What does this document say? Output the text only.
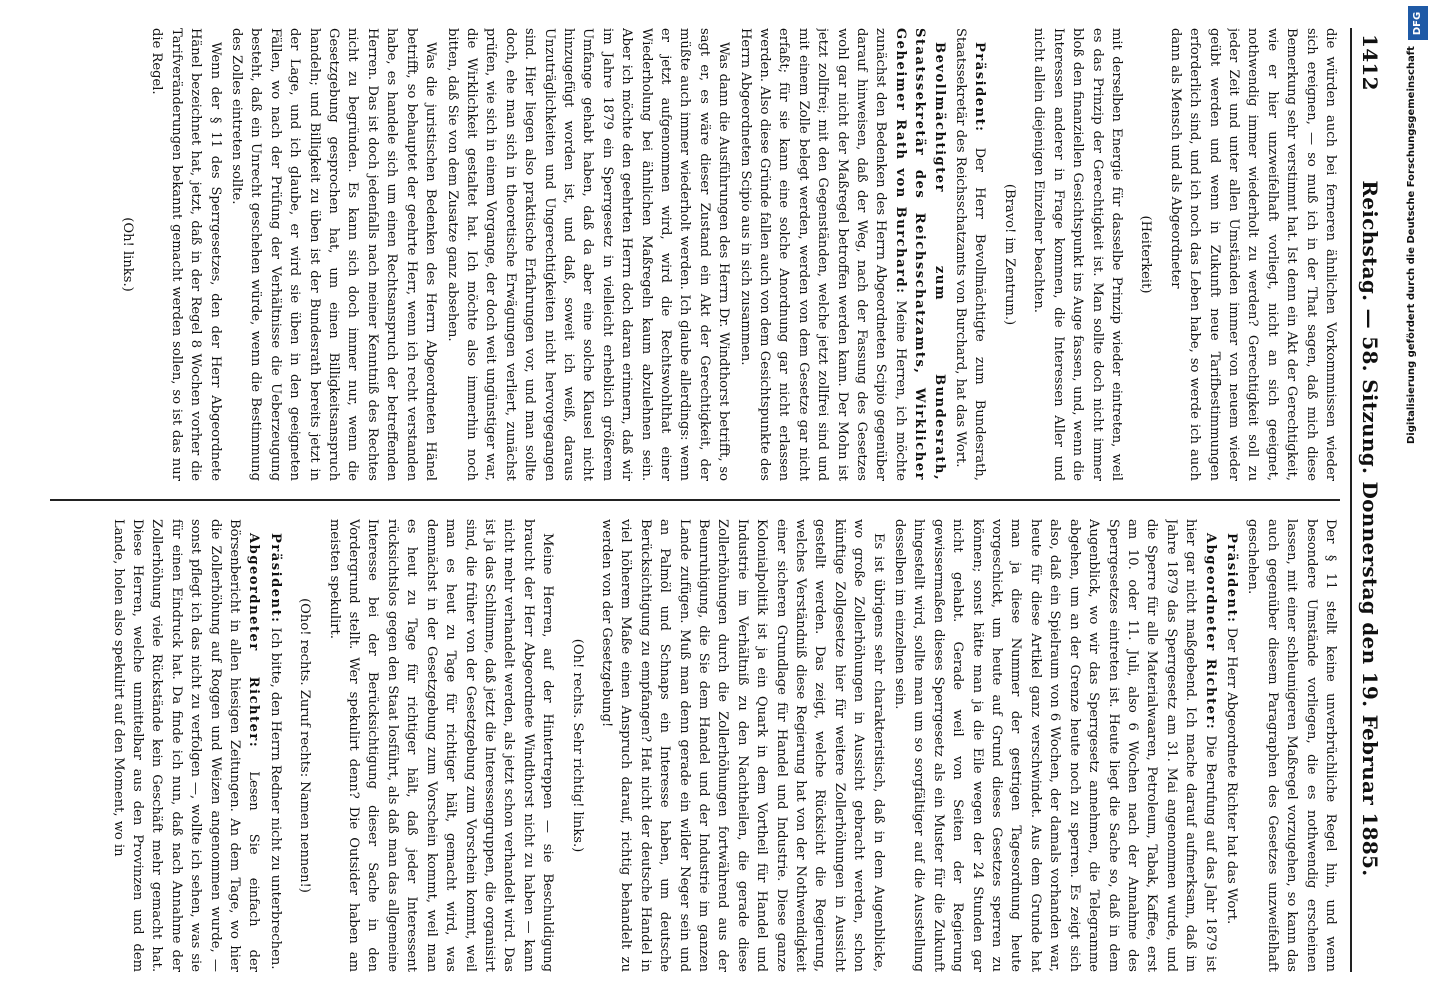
1412
Reichstag. — 58. Sitzung. Donnerstag den 19. Februar 1885.

die würden auch bei ferneren ähnlichen Vorkommnissen wieder sich ereignen, — so muß ich in der That sagen, daß mich diese Bemerkung sehr verstimmt hat. Ist denn ein Akt der Gerechtigkeit, wie er hier unzweifelhaft vorliegt, nicht an sich geeignet, nothwendig immer wiederholt zu werden? Gerechtigkeit soll zu jeder Zeit und unter allen Umständen immer von neuem wieder geübt werden und wenn in Zukunft neue Tarifbestimmungen erforderlich sind, und ich noch das Leben habe, so werde ich auch dann als Mensch und als Abgeordneter

(Heiterkeit)

mit derselben Energie für dasselbe Prinzip wieder eintreten, weil es das Prinzip der Gerechtigkeit ist. Man sollte doch nicht immer bloß den finanziellen Gesichtspunkt ins Auge fassen, und, wenn die Interessen anderer in Frage kommen, die Interessen Aller und nicht allein diejenigen Einzelner beachten.

(Bravo! im Zentrum.)

Präsident: Der Herr Bevollmächtigte zum Bundesrath, Staatssekretär des Reichsschatzamts von Burchard, hat das Wort.

Bevollmächtigter zum Bundesrath, Staatssekretär des Reichsschatzamts, Wirklicher Geheimer Rath von Burchard: Meine Herren, ich möchte zunächst den Bedenken des Herrn Abgeordneten Scipio gegenüber darauf hinweisen, daß der Weg, nach der Fassung des Gesetzes wohl gar nicht der Maßregel betroffen werden kann. Der Mohn ist jetzt zollfrei; mit den Gegenständen, welche jetzt zollfrei sind und mit einem Zolle belegt werden, werden von dem Gesetze gar nicht erfaßt; für sie kann eine solche Anordnung gar nicht erlassen werden. Also diese Gründe fallen auch von dem Gesichtspunkte des Herrn Abgeordneten Scipio aus in sich zusammen.

Was dann die Ausführungen des Herrn Dr. Windthorst betrifft, so sagt er, es wäre dieser Zustand ein Akt der Gerechtigkeit, der müßte auch immer wiederholt werden. Ich glaube allerdings: wenn er jetzt aufgenommen wird, wird die Rechtswohlthat einer Wiederholung bei ähnlichen Maßregeln kaum abzulehnen sein. Aber ich möchte den geehrten Herrn doch daran erinnern, daß wir im Jahre 1879 ein Sperrgesetz in vielleicht erheblich größerem Umfange gehabt haben, daß da aber eine solche Klausel nicht hinzugefügt worden ist, und daß, soweit ich weiß, daraus Unzuträglichkeiten und Ungerechtigkeiten nicht hervorgegangen sind. Hier liegen also praktische Erfahrungen vor, und man sollte doch, ehe man sich in theoretische Erwägungen verliert, zunächst prüfen, wie sich in einem Vorgange, der doch weit ungünstiger war, die Wirklichkeit gestaltet hat. Ich möchte also immerhin noch bitten, daß Sie von dem Zusatze ganz absehen.

Was die juristischen Bedenken des Herrn Abgeordneten Hänel betrifft, so behauptet der geehrte Herr, wenn ich recht verstanden habe, es handele sich um einen Rechtsanspruch der betreffenden Herren. Das ist doch jedenfalls nach meiner Kenntniß des Rechtes nicht zu begründen. Es kann sich doch immer nur, wenn die Gesetzgebung gesprochen hat, um einen Billigkeitsanspruch handeln; und Billigkeit zu üben ist der Bundesrath bereits jetzt in der Lage, und ich glaube, er wird sie üben in den geeigneten Fällen, wo nach der Prüfung der Verhältnisse die Ueberzeugung besteht, daß ein Unrecht geschehen würde, wenn die Bestimmung des Zolles eintreten sollte.

Wenn der § 11 des Sperrgesetzes, den der Herr Abgeordnete Hänel bezeichnet hat, jetzt, daß in der Regel 8 Wochen vorher die Tarifveränderungen bekannt gemacht werden sollen, so ist das nur die Regel.

(Oh! links.)

Der § 11 stellt keine unverbrüchliche Regel hin, und wenn besondere Umstände vorliegen, die es nothwendig erscheinen lassen, mit einer schleunigeren Maßregel vorzugehen, so kann das auch gegenüber diesem Paragraphen des Gesetzes unzweifelhaft geschehen.

Präsident: Der Herr Abgeordnete Richter hat das Wort.

Abgeordneter Richter: Die Berufung auf das Jahr 1879 ist hier gar nicht maßgebend. Ich mache darauf aufmerksam, daß im Jahre 1879 das Sperrgesetz am 31. Mai angenommen wurde, und die Sperre für alle Materialwaaren, Petroleum, Tabak, Kaffee, erst am 10. oder 11. Juli, also 6 Wochen nach der Annahme des Sperrgesetzes eintreten ist. Heute liegt die Sache so, daß in dem Augenblick, wo wir das Sperrgesetz annehmen, die Telegramme abgehen, um an der Grenze heute noch zu sperren. Es zeigt sich also, daß ein Spielraum von 6 Wochen, der damals vorhanden war, heute für diese Artikel ganz verschwindet. Aus dem Grunde hat man ja diese Nummer der gestrigen Tagesordnung heute vorgeschickt, um heute auf Grund dieses Gesetzes sperren zu können; sonst hätte man ja die Eile wegen der 24 Stunden gar nicht gehabt. Gerade weil von Seiten der Regierung gewissermaßen dieses Sperrgesetz als ein Muster für die Zukunft hingestellt wird, sollte man um so sorgfältiger auf die Ausstellung desselben im einzelnen sein.

Es ist übrigens sehr charakteristisch, daß in dem Augenblicke, wo große Zollerhöhungen in Aussicht gebracht werden, schon künftige Zollgesetze hier für weitere Zollerhöhungen in Aussicht gestellt werden. Das zeigt, welche Rücksicht die Regierung, welches Verständniß diese Regierung hat von der Nothwendigkeit einer sicheren Grundlage für Handel und Industrie. Diese ganze Kolonialpolitik ist ja ein Quark in dem Vortheil für Handel und Industrie im Verhältniß zu den Nachtheilen, die gerade diese Zollerhöhungen durch die Zollerhöhungen fortwährend aus der Beunruhigung, die Sie dem Handel und der Industrie im ganzen Lande zufügen. Muß man denn gerade ein wilder Neger sein und an Palmöl und Schnaps ein Interesse haben, um deutsche Berücksichtigung zu empfangen? Hat nicht der deutsche Handel in viel höherem Maße einen Anspruch darauf, richtig behandelt zu werden von der Gesetzgebung!

(Oh! rechts. Sehr richtig! links.)

Meine Herren, auf der Hintertreppen — sie Beschuldigung braucht der Herr Abgeordnete Windthorst nicht zu haben — kann nicht mehr verhandelt werden, als jetzt schon verhandelt wird. Das ist ja das Schlimme, daß jetzt die Interessengruppen, die organisirt sind, die früher von der Gesetzgebung zum Vorschein kommt, weil man es heut zu Tage für richtiger hält, gemacht wird, was demnächst in der Gesetzgebung zum Vorschein kommt, weil man es heut zu Tage für richtiger hält, daß jeder Interessent rücksichtslos gegen den Staat losführt, als daß man das allgemeine Interesse bei der Berücksichtigung dieser Sache in den Vordergrund stellt. Wer spekulirt denn? Die Outsider haben am meisten spekulirt.

(Oho! rechts. Zuruf rechts: Namen nennen!)

Präsident: Ich bitte, den Herrn Redner nicht zu unterbrechen.

Abgeordneter Richter: Lesen Sie einfach der Börsenbericht in allen hiesigen Zeitungen. An dem Tage, wo hier die Zollerhöhung auf Roggen und Weizen angenommen wurde, — sonst pflegt ich das nicht zu verfolgen —, wollte ich sehen, was sie für einen Eindruck hat. Da finde ich nun, daß nach Annahme der Zollerhöhung viele Rückstände kein Geschäft mehr gemacht hat. Diese Herren, welche unmittelbar aus den Provinzen und dem Lande, holen also spekulirt auf den Moment, wo in

DFG
Digitalisierung gefördert durch die Deutsche Forschungsgemeinschaft
